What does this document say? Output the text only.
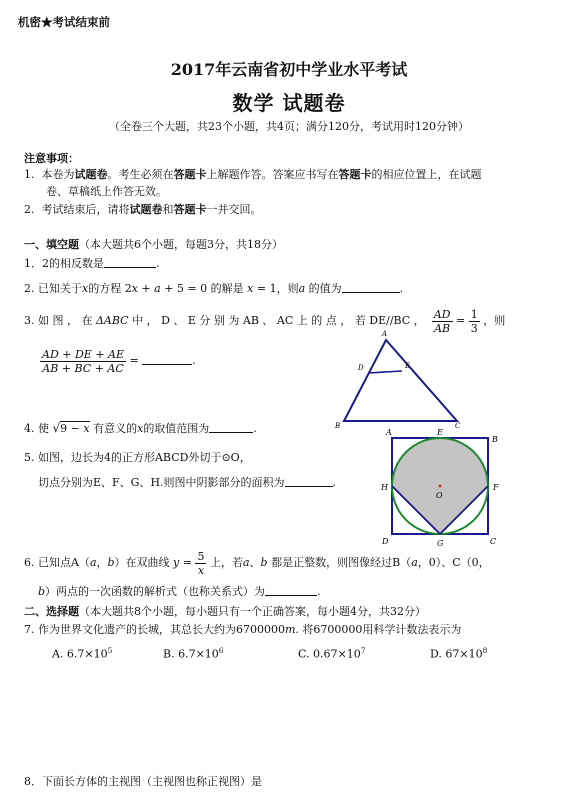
机密★考试结束前
2017年云南省初中学业水平考试
数学 试题卷
（全卷三个大题，共23个小题，共4页；满分120分，考试用时120分钟）
注意事项：
1. 本卷为试题卷。考生必须在答题卡上解题作答。答案应书写在答题卡的相应位置上，在试题
卷、草稿纸上作答无效。
2. 考试结束后，请将试题卷和答题卡一并交回。
一、填空题（本大题共6个小题，每题3分，共18分）
1．2的相反数是	.
2. 已知关于x的方程 2x + a + 5 = 0 的解是 x = 1，则a 的值为	.
3. 如 图 ， 在 ΔABC 中 ， D 、 E 分 别 为 AB 、 AC 上 的 点 ， 若 DE//BC ， $\frac{AD}{AB} = \frac{1}{3}$ ，则
$\frac{AD + DE + AE}{AB + BC + AC}$ =	.
A
D	E
B	C
4. 使 √9 − x 有意义的x的取值范围为	.
5. 如图，边长为4的正方形ABCD外切于⊙O，
切点分别为E、F、G、H.则图中阴影部分的面积为	.
A	E
B
H	F
O
D	G	C
6. 已知点A（a，b）在双曲线 $y = \frac{5}{x}$ 上，若a、b 都是正整数，则图像经过B（a，0）、C（0，
b）两点的一次函数的解析式（也称关系式）为	.
二、选择题（本大题共8个小题，每小题只有一个正确答案，每小题4分，共32分）
7. 作为世界文化遗产的长城，其总长大约为6700000m. 将6700000用科学计数法表示为
A. $6.7\times 10^5$	B. $6.7\times 10^6$	C. $0.67\times 10^7$	D. $67\times 10^8$
8．下面长方体的主视图（主视图也称正视图）是
